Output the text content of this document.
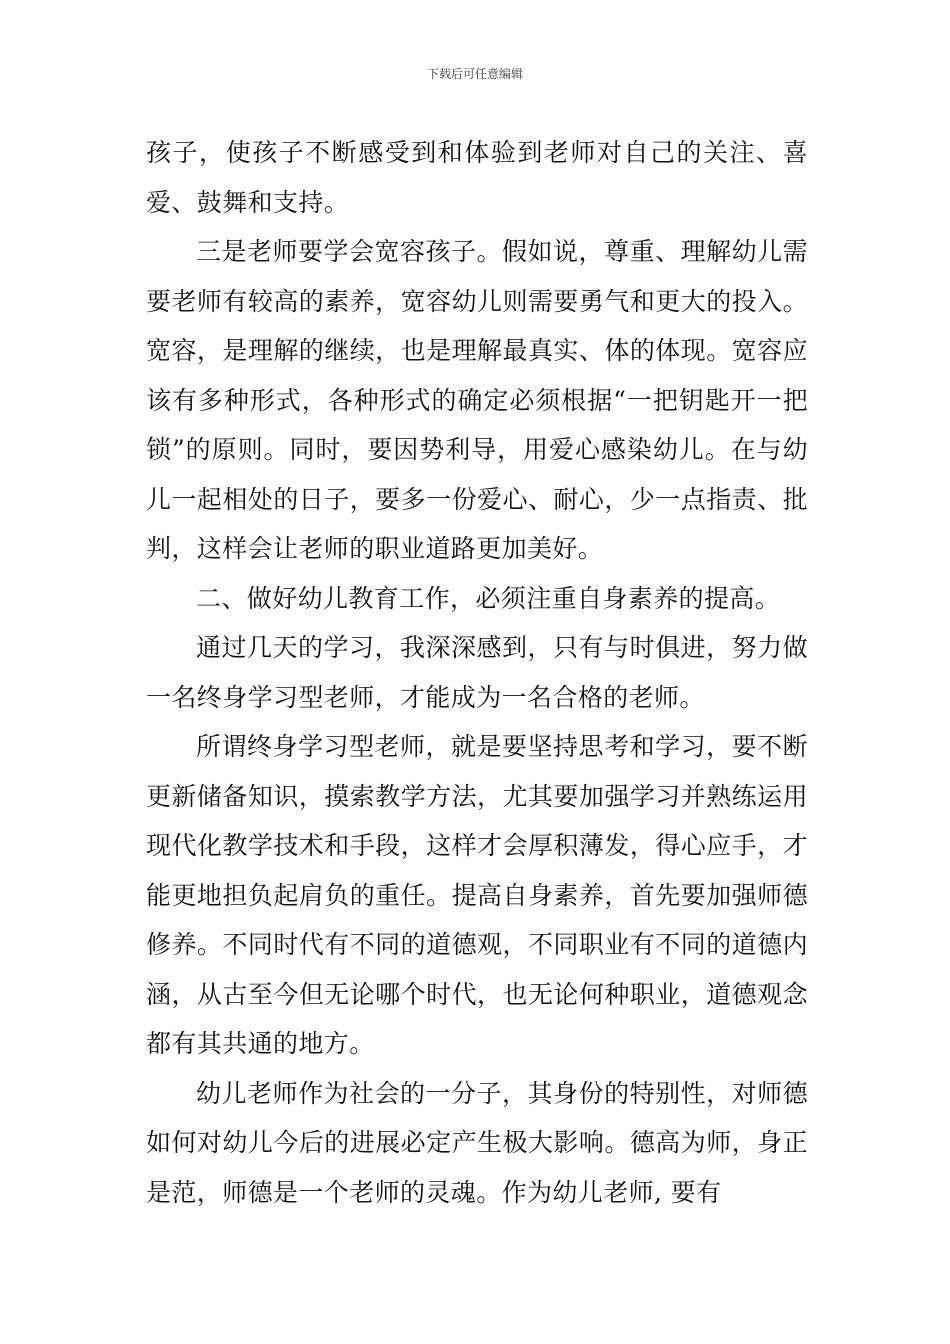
下载后可任意编辑

孩子，使孩子不断感受到和体验到老师对自己的关注、喜爱、鼓舞和支持。

三是老师要学会宽容孩子。假如说，尊重、理解幼儿需要老师有较高的素养，宽容幼儿则需要勇气和更大的投入。宽容，是理解的继续，也是理解最真实、体的体现。宽容应该有多种形式，各种形式的确定必须根据“一把钥匙开一把锁”的原则。同时，要因势利导，用爱心感染幼儿。在与幼儿一起相处的日子，要多一份爱心、耐心，少一点指责、批判，这样会让老师的职业道路更加美好。

二、做好幼儿教育工作，必须注重自身素养的提高。

通过几天的学习，我深深感到，只有与时俱进，努力做一名终身学习型老师，才能成为一名合格的老师。

所谓终身学习型老师，就是要坚持思考和学习，要不断更新储备知识，摸索教学方法，尤其要加强学习并熟练运用现代化教学技术和手段，这样才会厚积薄发，得心应手，才能更地担负起肩负的重任。提高自身素养，首先要加强师德修养。不同时代有不同的道德观，不同职业有不同的道德内涵，从古至今但无论哪个时代，也无论何种职业，道德观念都有其共通的地方。

幼儿老师作为社会的一分子，其身份的特别性，对师德如何对幼儿今后的进展必定产生极大影响。德高为师，身正是范，师德是一个老师的灵魂。作为幼儿老师, 要有
